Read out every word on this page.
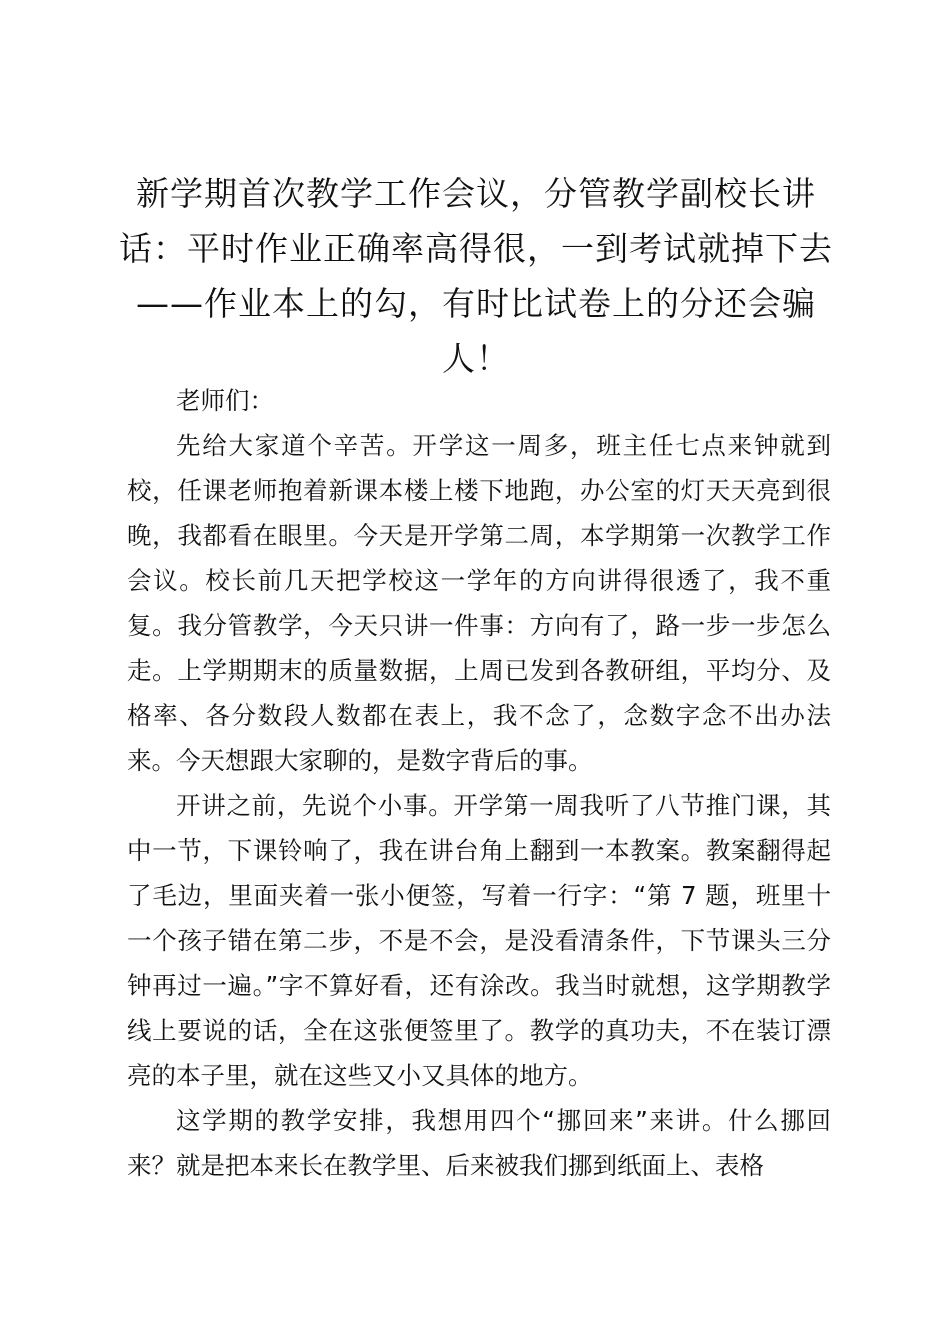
新学期首次教学工作会议，分管教学副校长讲话：平时作业正确率高得很，一到考试就掉下去——作业本上的勾，有时比试卷上的分还会骗人！

老师们：

先给大家道个辛苦。开学这一周多，班主任七点来钟就到校，任课老师抱着新课本楼上楼下地跑，办公室的灯天天亮到很晚，我都看在眼里。今天是开学第二周，本学期第一次教学工作会议。校长前几天把学校这一学年的方向讲得很透了，我不重复。我分管教学，今天只讲一件事：方向有了，路一步一步怎么走。上学期期末的质量数据，上周已发到各教研组，平均分、及格率、各分数段人数都在表上，我不念了，念数字念不出办法来。今天想跟大家聊的，是数字背后的事。

开讲之前，先说个小事。开学第一周我听了八节推门课，其中一节，下课铃响了，我在讲台角上翻到一本教案。教案翻得起了毛边，里面夹着一张小便签，写着一行字：“第 7 题，班里十一个孩子错在第二步，不是不会，是没看清条件，下节课头三分钟再过一遍。”字不算好看，还有涂改。我当时就想，这学期教学线上要说的话，全在这张便签里了。教学的真功夫，不在装订漂亮的本子里，就在这些又小又具体的地方。

这学期的教学安排，我想用四个“挪回来”来讲。什么挪回来？就是把本来长在教学里、后来被我们挪到纸面上、表格
